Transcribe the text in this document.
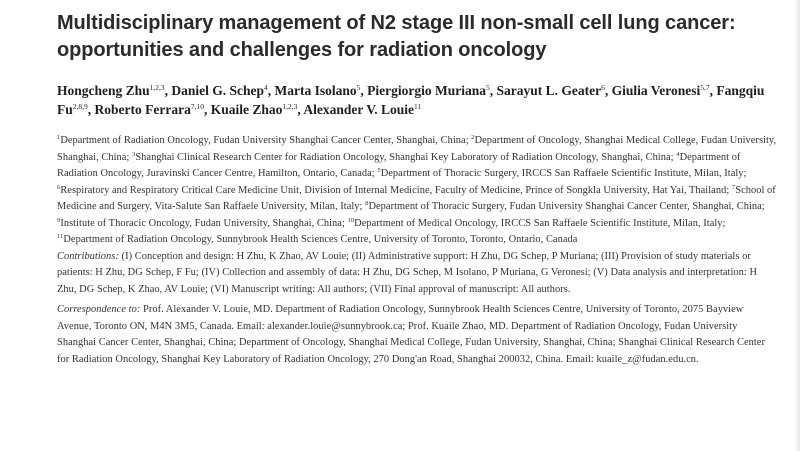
Multidisciplinary management of N2 stage III non-small cell lung cancer: opportunities and challenges for radiation oncology

Hongcheng Zhu$^{1,2,3}$, Daniel G. Schep$^4$, Marta Isolano$^5$, Piergiorgio Muriana$^5$, Sarayut L. Geater$^6$, Giulia Veronesi$^{5,7}$, Fangqiu Fu$^{2,8,9}$, Roberto Ferrara$^{7,10}$, Kuaile Zhao$^{1,2,3}$, Alexander V. Louie$^{11}$

$^1$Department of Radiation Oncology, Fudan University Shanghai Cancer Center, Shanghai, China; $^2$Department of Oncology, Shanghai Medical College, Fudan University, Shanghai, China; $^3$Shanghai Clinical Research Center for Radiation Oncology, Shanghai Key Laboratory of Radiation Oncology, Shanghai, China; $^4$Department of Radiation Oncology, Juravinski Cancer Centre, Hamilton, Ontario, Canada; $^5$Department of Thoracic Surgery, IRCCS San Raffaele Scientific Institute, Milan, Italy; $^6$Respiratory and Respiratory Critical Care Medicine Unit, Division of Internal Medicine, Faculty of Medicine, Prince of Songkla University, Hat Yai, Thailand; $^7$School of Medicine and Surgery, Vita-Salute San Raffaele University, Milan, Italy; $^8$Department of Thoracic Surgery, Fudan University Shanghai Cancer Center, Shanghai, China; $^9$Institute of Thoracic Oncology, Fudan University, Shanghai, China; $^{10}$Department of Medical Oncology, IRCCS San Raffaele Scientific Institute, Milan, Italy; $^{11}$Department of Radiation Oncology, Sunnybrook Health Sciences Centre, University of Toronto, Toronto, Ontario, Canada

Contributions: (I) Conception and design: H Zhu, K Zhao, AV Louie; (II) Administrative support: H Zhu, DG Schep, P Muriana; (III) Provision of study materials or patients: H Zhu, DG Schep, F Fu; (IV) Collection and assembly of data: H Zhu, DG Schep, M Isolano, P Muriana, G Veronesi; (V) Data analysis and interpretation: H Zhu, DG Schep, K Zhao, AV Louie; (VI) Manuscript writing: All authors; (VII) Final approval of manuscript: All authors.

Correspondence to: Prof. Alexander V. Louie, MD. Department of Radiation Oncology, Sunnybrook Health Sciences Centre, University of Toronto, 2075 Bayview Avenue, Toronto ON, M4N 3M5, Canada. Email: alexander.louie@sunnybrook.ca; Prof. Kuaile Zhao, MD. Department of Radiation Oncology, Fudan University Shanghai Cancer Center, Shanghai, China; Department of Oncology, Shanghai Medical College, Fudan University, Shanghai, China; Shanghai Clinical Research Center for Radiation Oncology, Shanghai Key Laboratory of Radiation Oncology, 270 Dong'an Road, Shanghai 200032, China. Email: kuaile_z@fudan.edu.cn.
